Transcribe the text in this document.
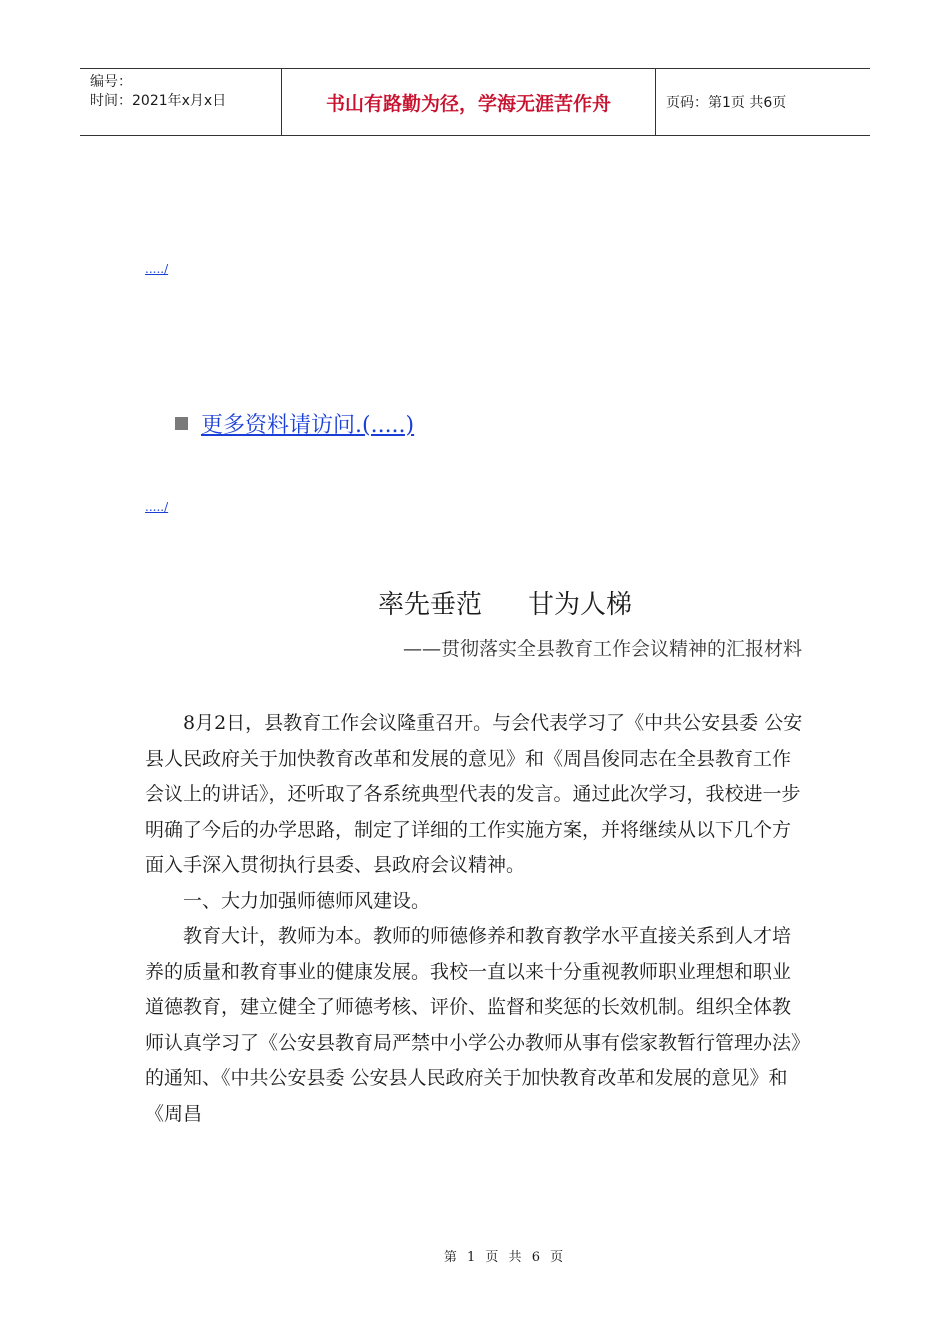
编号：
时间：2021年x月x日	书山有路勤为径，学海无涯苦作舟	页码：第1页 共6页
...../
更多资料请访问.(.....)
...../
率先垂范 甘为人梯
——贯彻落实全县教育工作会议精神的汇报材料

8月2日，县教育工作会议隆重召开。与会代表学习了《中共公安县委 公安县人民政府关于加快教育改革和发展的意见》和《周昌俊同志在全县教育工作会议上的讲话》，还听取了各系统典型代表的发言。通过此次学习，我校进一步明确了今后的办学思路，制定了详细的工作实施方案，并将继续从以下几个方面入手深入贯彻执行县委、县政府会议精神。

一、大力加强师德师风建设。

教育大计，教师为本。教师的师德修养和教育教学水平直接关系到人才培养的质量和教育事业的健康发展。我校一直以来十分重视教师职业理想和职业道德教育，建立健全了师德考核、评价、监督和奖惩的长效机制。组织全体教师认真学习了《公安县教育局严禁中小学公办教师从事有偿家教暂行管理办法》的通知、《中共公安县委 公安县人民政府关于加快教育改革和发展的意见》和《周昌

第 1 页 共 6 页
